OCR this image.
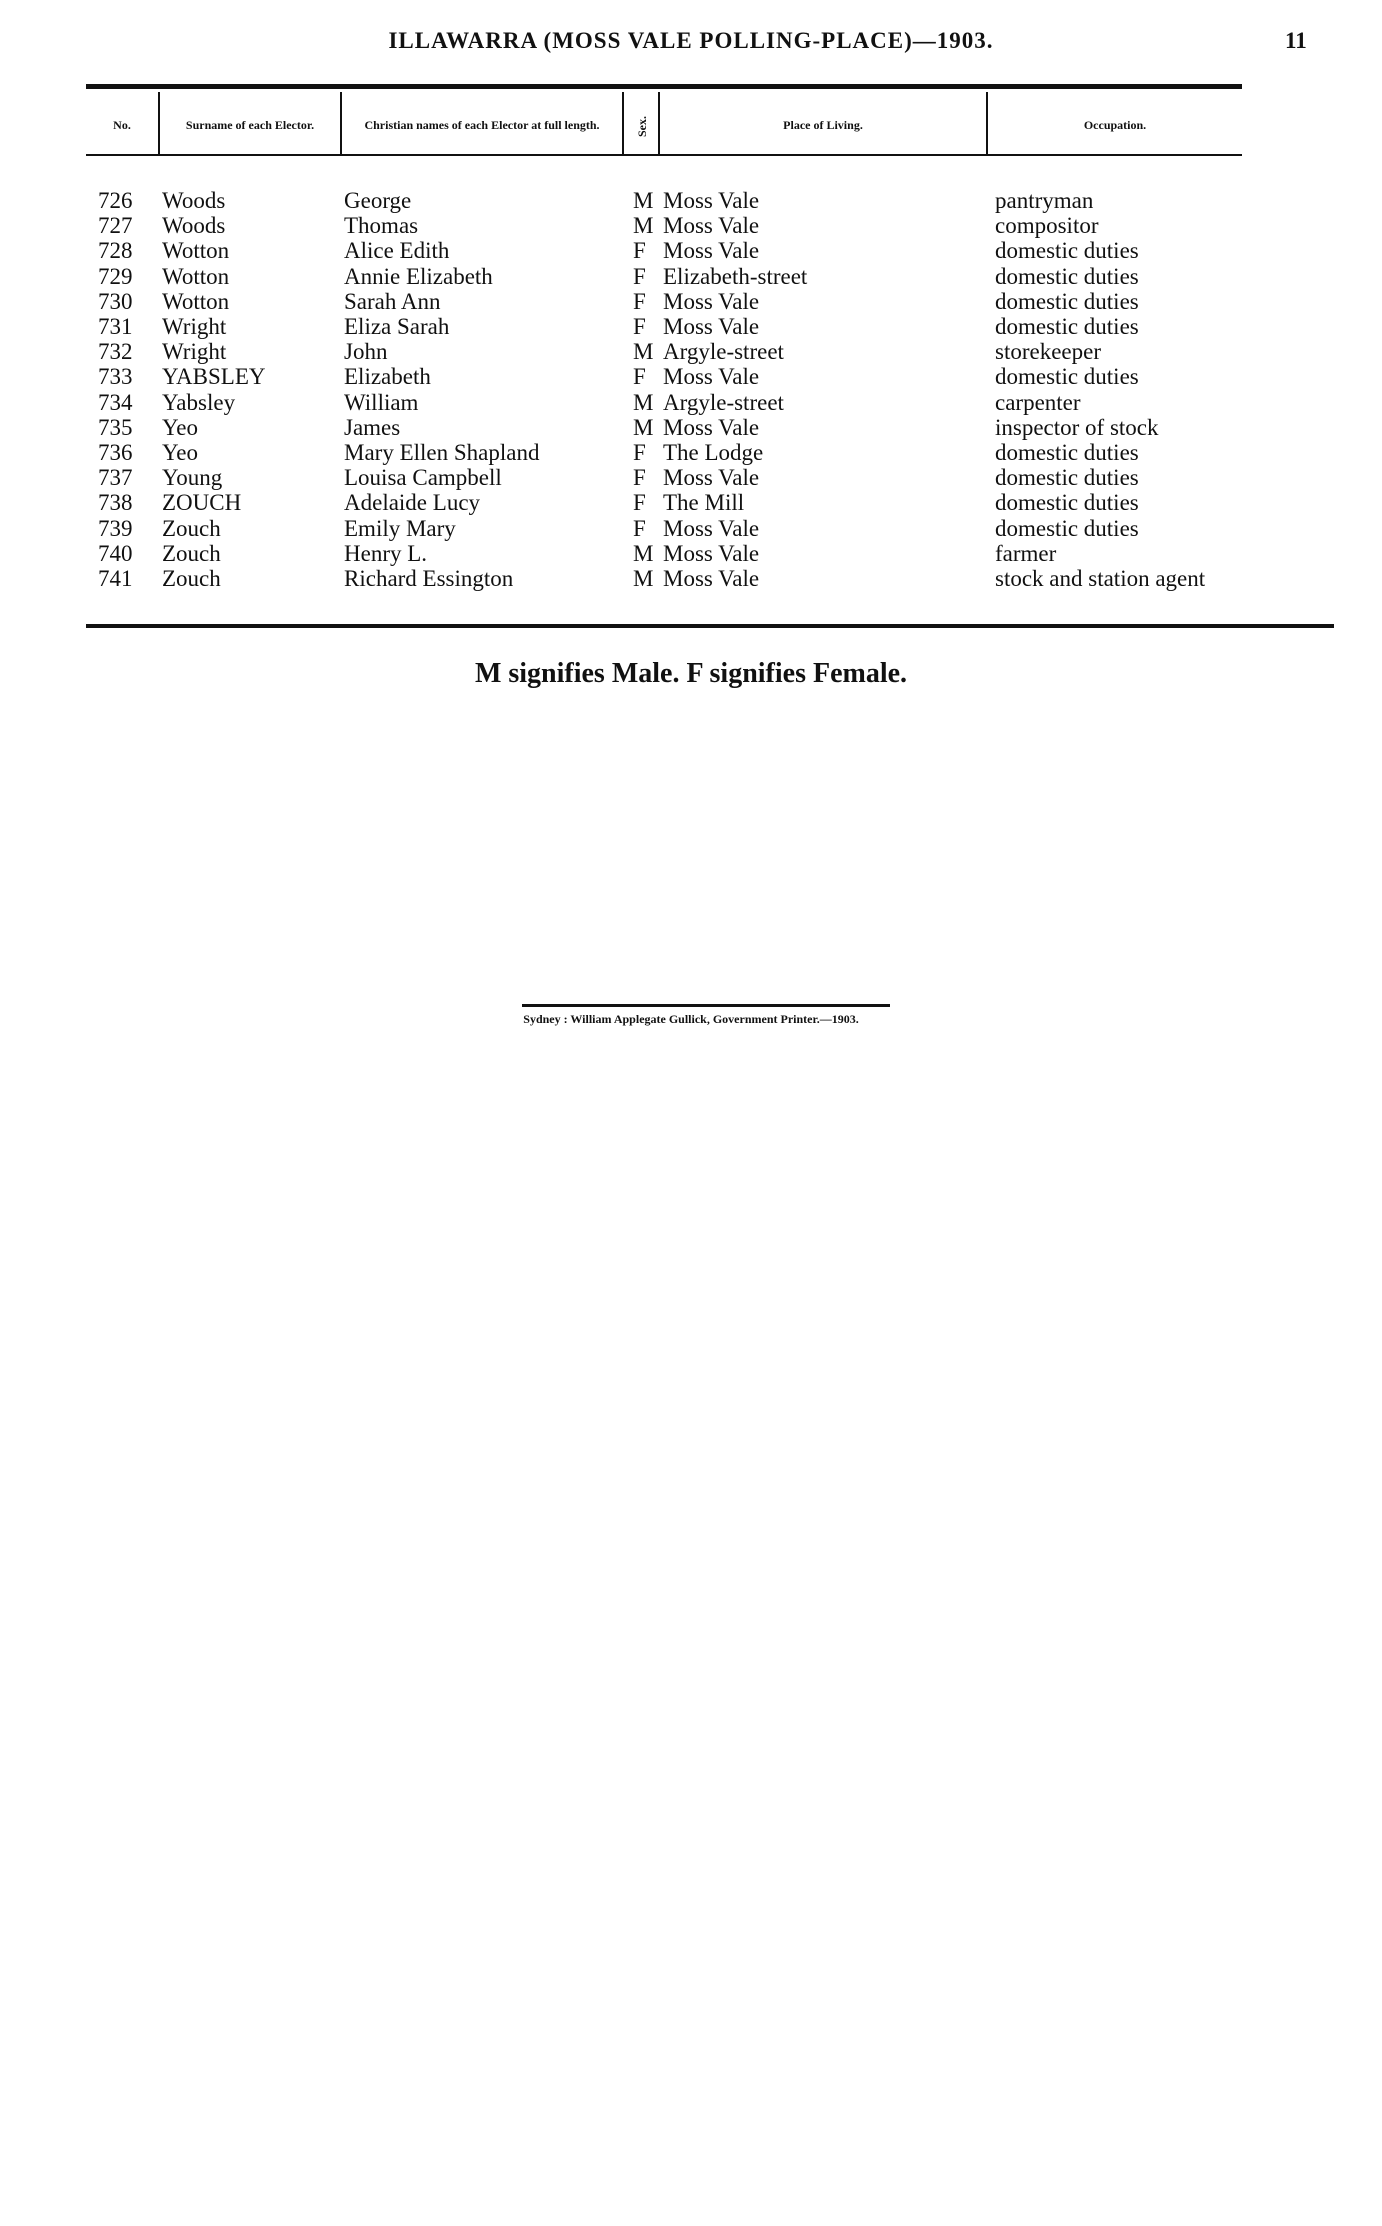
ILLAWARRA (MOSS VALE POLLING-PLACE)—1903.	11
No.	Surname of each Elector.	Christian names of each Elector at full length.	Sex.	Place of Living.	Occupation.
726 Woods	George	M Moss Vale	pantryman
727 Woods	Thomas	M Moss Vale	compositor
728 Wotton	Alice Edith	F Moss Vale	domestic duties
729 Wotton	Annie Elizabeth	F Elizabeth-street	domestic duties
730 Wotton	Sarah Ann	F Moss Vale	domestic duties
731 Wright	Eliza Sarah	F Moss Vale	domestic duties
732 Wright	John	M Argyle-street	storekeeper
733 YABSLEY	Elizabeth	F Moss Vale	domestic duties
734 Yabsley	William	M Argyle-street	carpenter
735 Yeo	James	M Moss Vale	inspector of stock
736 Yeo	Mary Ellen Shapland	F The Lodge	domestic duties
737 Young	Louisa Campbell	F Moss Vale	domestic duties
738 ZOUCH	Adelaide Lucy	F The Mill	domestic duties
739 Zouch	Emily Mary	F Moss Vale	domestic duties
740 Zouch	Henry L.	M Moss Vale	farmer
741 Zouch	Richard Essington	M Moss Vale	stock and station agent
M signifies Male. F signifies Female.
Sydney : William Applegate Gullick, Government Printer.—1903.
